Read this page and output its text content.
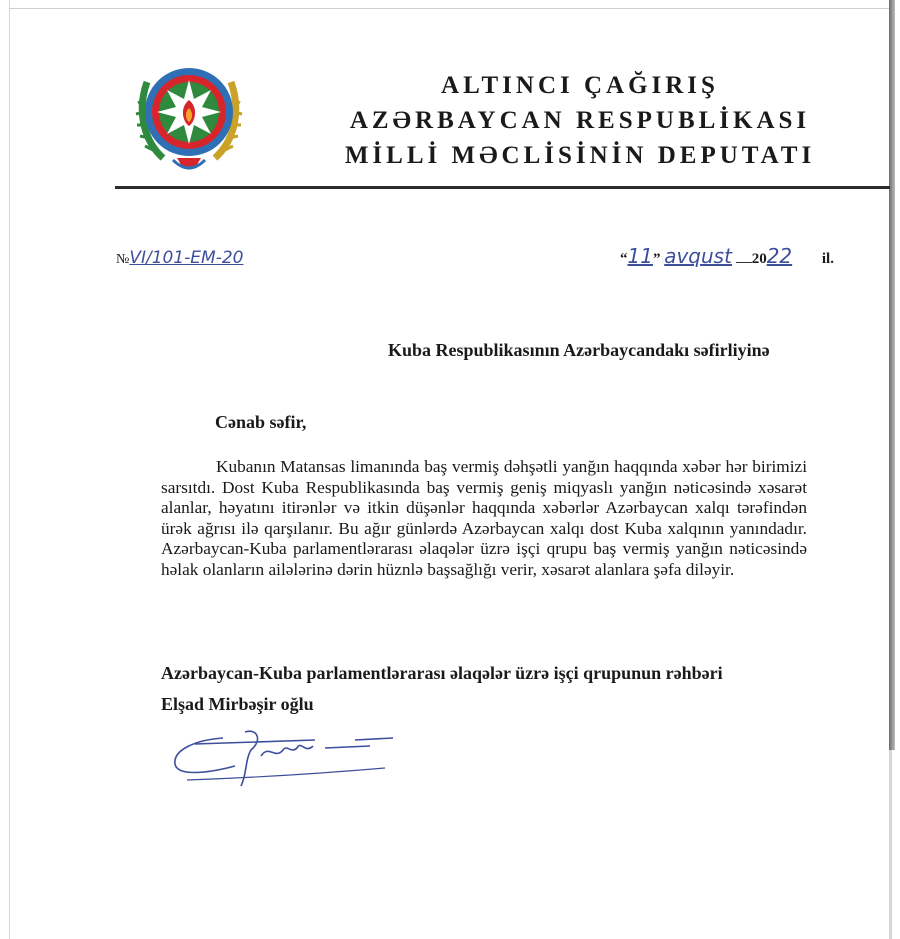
ALTINCI ÇAĞIRIŞ
AZƏRBAYCAN RESPUBLİKASI
MİLLİ MƏCLİSİNİN DEPUTATI
№VI/101-EM-20	“11” avqust 2022 il.
Kuba Respublikasının Azərbaycandakı səfirliyinə
Cənab səfir,
Kubanın Matansas limanında baş vermiş dəhşətli yanğın haqqında xəbər hər birimizi sarsıtdı. Dost Kuba Respublikasında baş vermiş geniş miqyaslı yanğın nəticəsində xəsarət alanlar, həyatını itirənlər və itkin düşənlər haqqında xəbərlər Azərbaycan xalqı tərəfindən ürək ağrısı ilə qarşılanır. Bu ağır günlərdə Azərbaycan xalqı dost Kuba xalqının yanındadır. Azərbaycan-Kuba parlamentlərarası əlaqələr üzrə işçi qrupu baş vermiş yanğın nəticəsində həlak olanların ailələrinə dərin hüznlə başsağlığı verir, xəsarət alanlara şəfa diləyir.
Azərbaycan-Kuba parlamentlərarası əlaqələr üzrə işçi qrupunun rəhbəri
Elşad Mirbəşir oğlu
